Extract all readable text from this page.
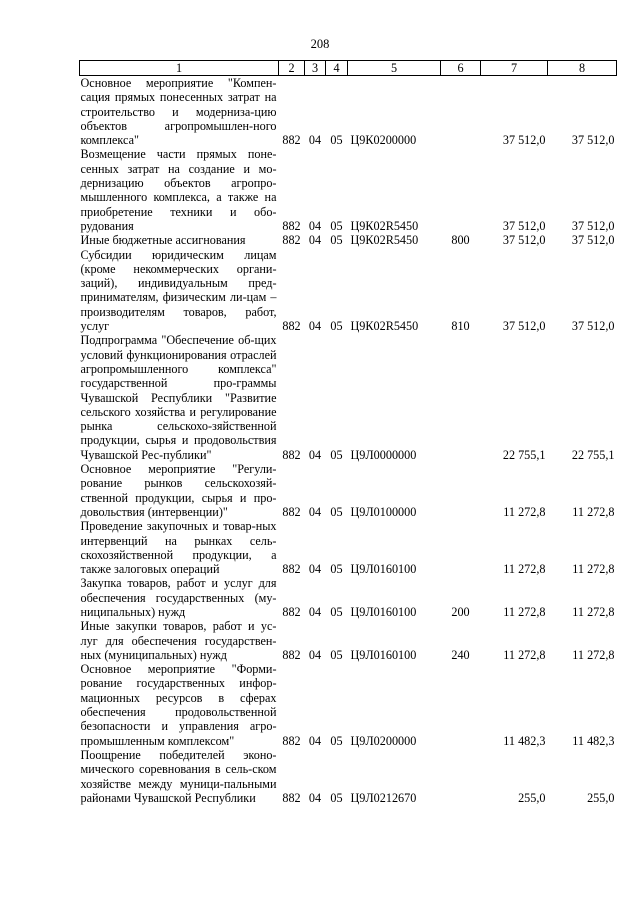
208
1	2	3	4	5	6	7	8
Основное мероприятие "Компен-сация прямых понесенных затрат на строительство и модерниза-цию объектов агропромышлен-ного комплекса"	882	04	05	Ц9К0200000		37 512,0	37 512,0
Возмещение части прямых поне-сенных затрат на создание и мо-дернизацию объектов агропро-мышленного комплекса, а также на приобретение техники и обо-рудования	882	04	05	Ц9К02R5450		37 512,0	37 512,0
Иные бюджетные ассигнования	882	04	05	Ц9К02R5450	800	37 512,0	37 512,0
Субсидии юридическим лицам (кроме некоммерческих органи-заций), индивидуальным пред-принимателям, физическим ли-цам – производителям товаров, работ, услуг	882	04	05	Ц9К02R5450	810	37 512,0	37 512,0
Подпрограмма "Обеспечение об-щих условий функционирования отраслей агропромышленного комплекса" государственной про-граммы Чувашской Республики "Развитие сельского хозяйства и регулирование рынка сельскохо-зяйственной продукции, сырья и продовольствия Чувашской Рес-публики"	882	04	05	Ц9Л0000000		22 755,1	22 755,1
Основное мероприятие "Регули-рование рынков сельскохозяй-ственной продукции, сырья и про-довольствия (интервенции)"	882	04	05	Ц9Л0100000		11 272,8	11 272,8
Проведение закупочных и товар-ных интервенций на рынках сель-скохозяйственной продукции, а также залоговых операций	882	04	05	Ц9Л0160100		11 272,8	11 272,8
Закупка товаров, работ и услуг для обеспечения государственных (му-ниципальных) нужд	882	04	05	Ц9Л0160100	200	11 272,8	11 272,8
Иные закупки товаров, работ и ус-луг для обеспечения государствен-ных (муниципальных) нужд	882	04	05	Ц9Л0160100	240	11 272,8	11 272,8
Основное мероприятие "Форми-рование государственных инфор-мационных ресурсов в сферах обеспечения продовольственной безопасности и управления агро-промышленным комплексом"	882	04	05	Ц9Л0200000		11 482,3	11 482,3
Поощрение победителей эконо-мического соревнования в сель-ском хозяйстве между муници-пальными районами Чувашской Республики	882	04	05	Ц9Л0212670		255,0	255,0
